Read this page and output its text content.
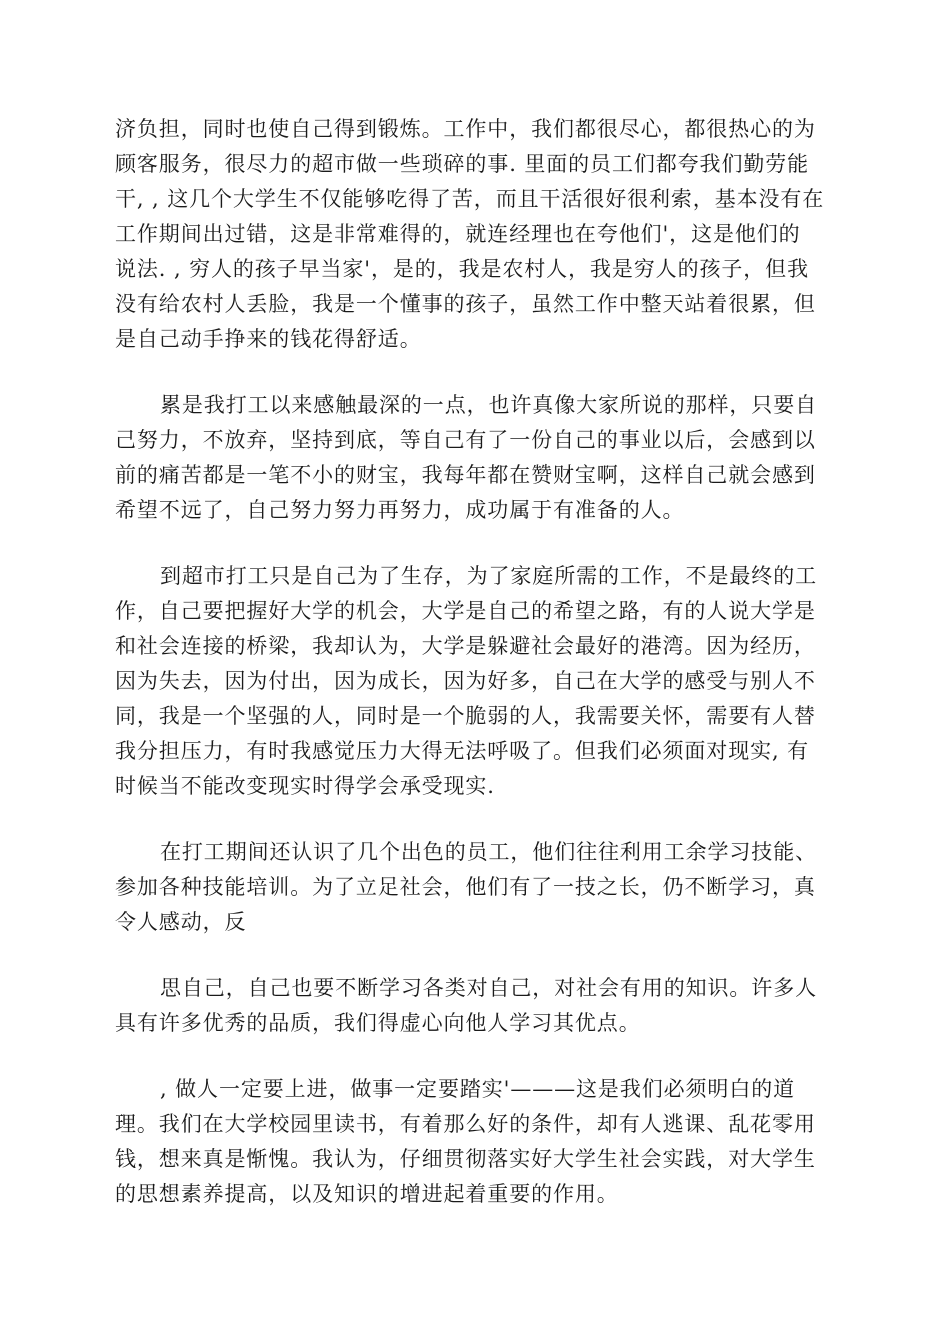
济负担，同时也使自己得到锻炼。工作中，我们都很尽心，都很热心的为

顾客服务，很尽力的超市做一些琐碎的事. 里面的员工们都夸我们勤劳能

干, , 这几个大学生不仅能够吃得了苦，而且干活很好很利索，基本没有在

工作期间出过错，这是非常难得的，就连经理也在夸他们'，这是他们的

说法. , 穷人的孩子早当家'，是的，我是农村人，我是穷人的孩子，但我

没有给农村人丢脸，我是一个懂事的孩子，虽然工作中整天站着很累，但

是自己动手挣来的钱花得舒适。

累是我打工以来感触最深的一点，也许真像大家所说的那样，只要自

己努力，不放弃，坚持到底，等自己有了一份自己的事业以后，会感到以

前的痛苦都是一笔不小的财宝，我每年都在赞财宝啊，这样自己就会感到

希望不远了，自己努力努力再努力，成功属于有准备的人。

到超市打工只是自己为了生存，为了家庭所需的工作，不是最终的工

作，自己要把握好大学的机会，大学是自己的希望之路，有的人说大学是

和社会连接的桥梁，我却认为，大学是躲避社会最好的港湾。因为经历，

因为失去，因为付出，因为成长，因为好多，自己在大学的感受与别人不

同，我是一个坚强的人，同时是一个脆弱的人，我需要关怀，需要有人替

我分担压力，有时我感觉压力大得无法呼吸了。但我们必须面对现实, 有

时候当不能改变现实时得学会承受现实.

在打工期间还认识了几个出色的员工，他们往往利用工余学习技能、

参加各种技能培训。为了立足社会，他们有了一技之长，仍不断学习，真

令人感动，反

思自己，自己也要不断学习各类对自己，对社会有用的知识。许多人

具有许多优秀的品质，我们得虚心向他人学习其优点。

, 做人一定要上进，做事一定要踏实'———这是我们必须明白的道

理。我们在大学校园里读书，有着那么好的条件，却有人逃课、乱花零用

钱，想来真是惭愧。我认为，仔细贯彻落实好大学生社会实践，对大学生

的思想素养提高，以及知识的增进起着重要的作用。
